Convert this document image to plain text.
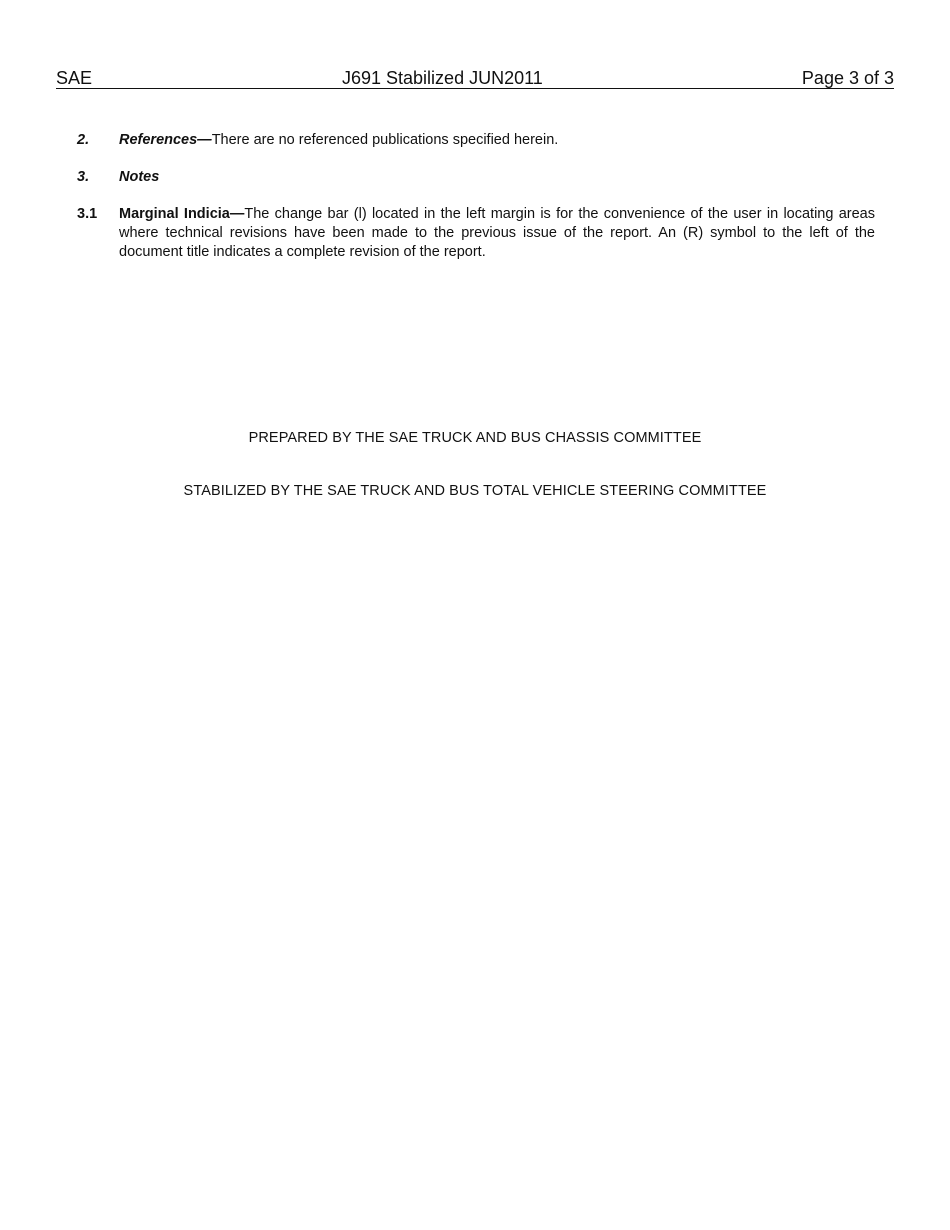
SAE	J691 Stabilized JUN2011	Page 3 of 3
2. References—There are no referenced publications specified herein.
3. Notes
3.1 Marginal Indicia—The change bar (l) located in the left margin is for the convenience of the user in locating areas where technical revisions have been made to the previous issue of the report. An (R) symbol to the left of the document title indicates a complete revision of the report.

PREPARED BY THE SAE TRUCK AND BUS CHASSIS COMMITTEE
STABILIZED BY THE SAE TRUCK AND BUS TOTAL VEHICLE STEERING COMMITTEE
